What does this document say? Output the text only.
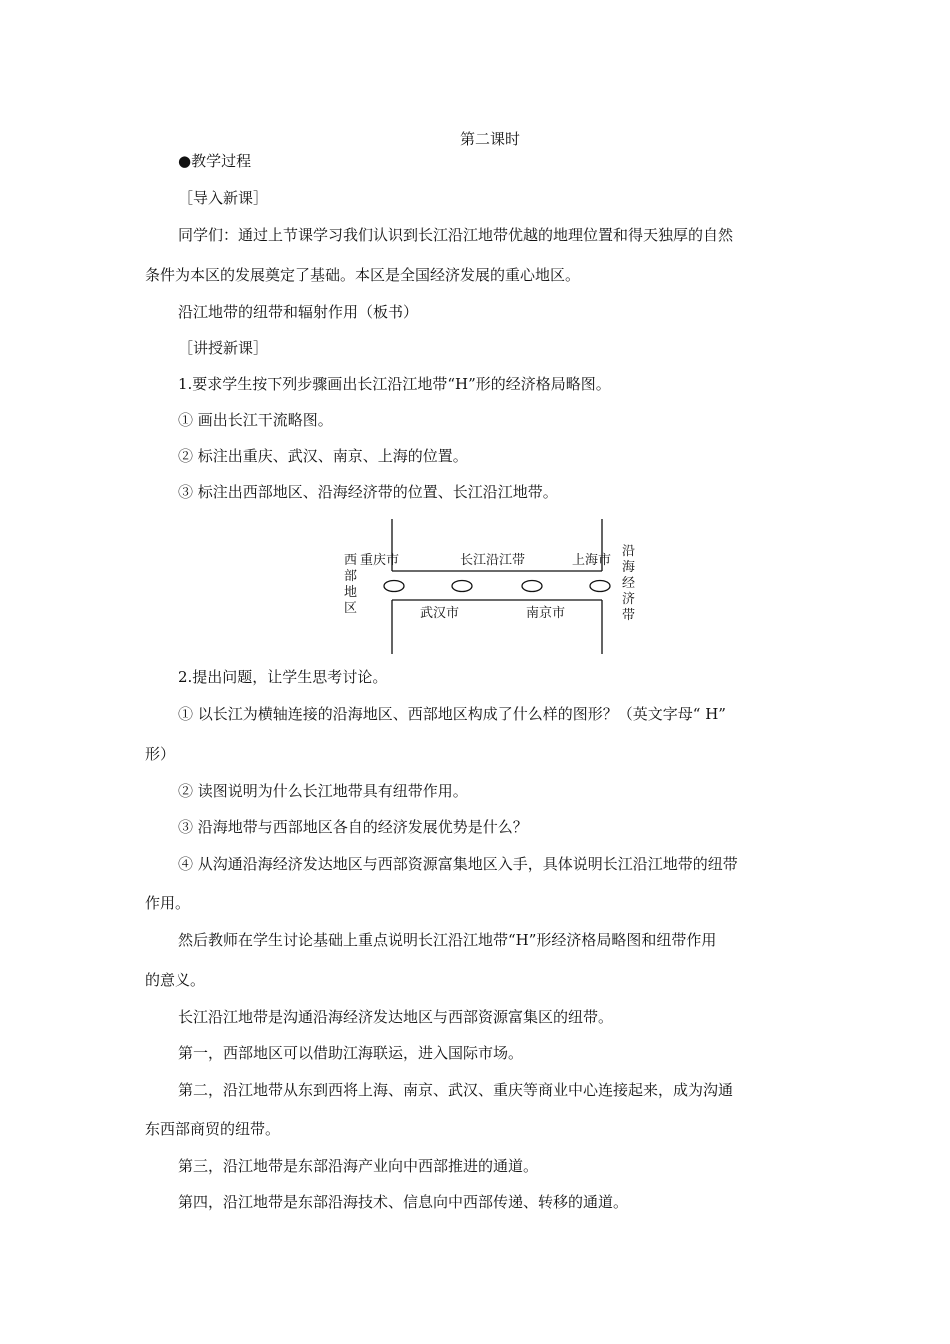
第二课时
●教学过程
［导入新课］
同学们：通过上节课学习我们认识到长江沿江地带优越的地理位置和得天独厚的自然
条件为本区的发展奠定了基础。本区是全国经济发展的重心地区。
沿江地带的纽带和辐射作用（板书）
［讲授新课］
1.要求学生按下列步骤画出长江沿江地带“H”形的经济格局略图。
① 画出长江干流略图。
② 标注出重庆、武汉、南京、上海的位置。
③ 标注出西部地区、沿海经济带的位置、长江沿江地带。
西
部
地
区
重庆市	长江沿江带	上海市
武汉市	南京市
沿
海
经
济
带
2.提出问题，让学生思考讨论。
① 以长江为横轴连接的沿海地区、西部地区构成了什么样的图形？（英文字母“ H”
形）
② 读图说明为什么长江地带具有纽带作用。
③ 沿海地带与西部地区各自的经济发展优势是什么？
④ 从沟通沿海经济发达地区与西部资源富集地区入手，具体说明长江沿江地带的纽带
作用。
然后教师在学生讨论基础上重点说明长江沿江地带“H”形经济格局略图和纽带作用
的意义。
长江沿江地带是沟通沿海经济发达地区与西部资源富集区的纽带。
第一，西部地区可以借助江海联运，进入国际市场。
第二，沿江地带从东到西将上海、南京、武汉、重庆等商业中心连接起来，成为沟通
东西部商贸的纽带。
第三，沿江地带是东部沿海产业向中西部推进的通道。
第四，沿江地带是东部沿海技术、信息向中西部传递、转移的通道。
